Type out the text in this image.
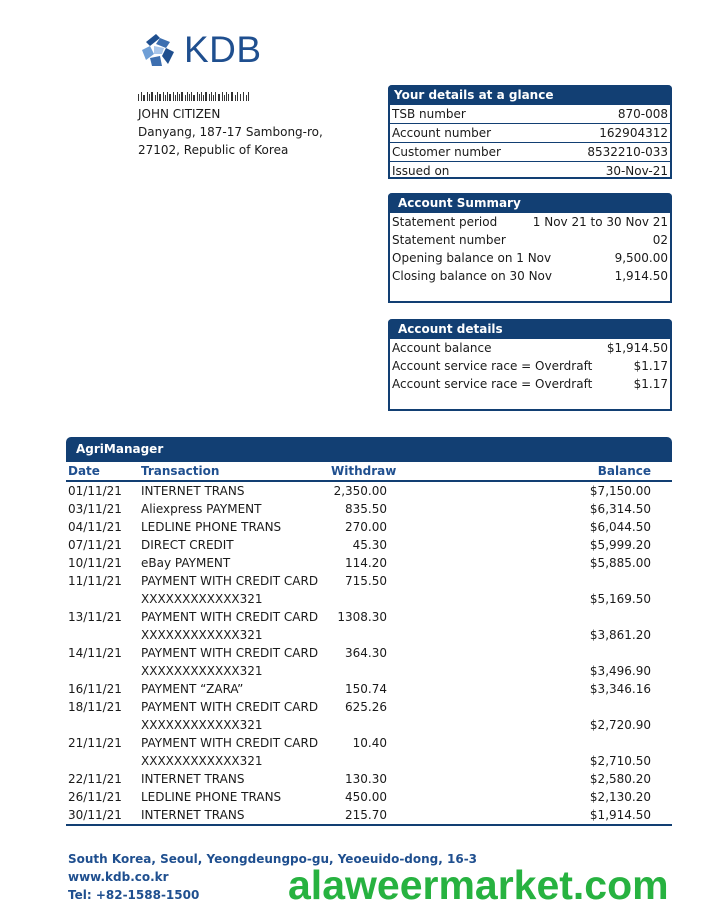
KDB
JOHN CITIZEN
Danyang, 187-17 Sambong-ro,
27102, Republic of Korea
Your details at a glance
TSB number	870-008
Account number	162904312
Customer number	8532210-033
Issued on	30-Nov-21
Account Summary
Statement period	1 Nov 21 to 30 Nov 21
Statement number	02
Opening balance on 1 Nov	9,500.00
Closing balance on 30 Nov	1,914.50
Account details
Account balance	$1,914.50
Account service race = Overdraft	$1.17
Account service race = Overdraft	$1.17
AgriManager
Date	Transaction	Withdraw	Balance
01/11/21 INTERNET TRANS	2,350.00	$7,150.00
03/11/21 Aliexpress PAYMENT	835.50	$6,314.50
04/11/21 LEDLINE PHONE TRANS	270.00	$6,044.50
07/11/21 DIRECT CREDIT	45.30	$5,999.20
10/11/21 eBay PAYMENT	114.20	$5,885.00
11/11/21 PAYMENT WITH CREDIT CARD	715.50
XXXXXXXXXXXX321	$5,169.50
13/11/21 PAYMENT WITH CREDIT CARD	1308.30
XXXXXXXXXXXX321	$3,861.20
14/11/21 PAYMENT WITH CREDIT CARD	364.30
XXXXXXXXXXXX321	$3,496.90
16/11/21 PAYMENT “ZARA”	150.74	$3,346.16
18/11/21 PAYMENT WITH CREDIT CARD	625.26
XXXXXXXXXXXX321	$2,720.90
21/11/21 PAYMENT WITH CREDIT CARD	10.40
XXXXXXXXXXXX321	$2,710.50
22/11/21 INTERNET TRANS	130.30	$2,580.20
26/11/21 LEDLINE PHONE TRANS	450.00	$2,130.20
30/11/21 INTERNET TRANS	215.70	$1,914.50
South Korea, Seoul, Yeongdeungpo-gu, Yeoeuido-dong, 16-3
www.kdb.co.kr
Tel: +82-1588-1500	alaweermarket.com
